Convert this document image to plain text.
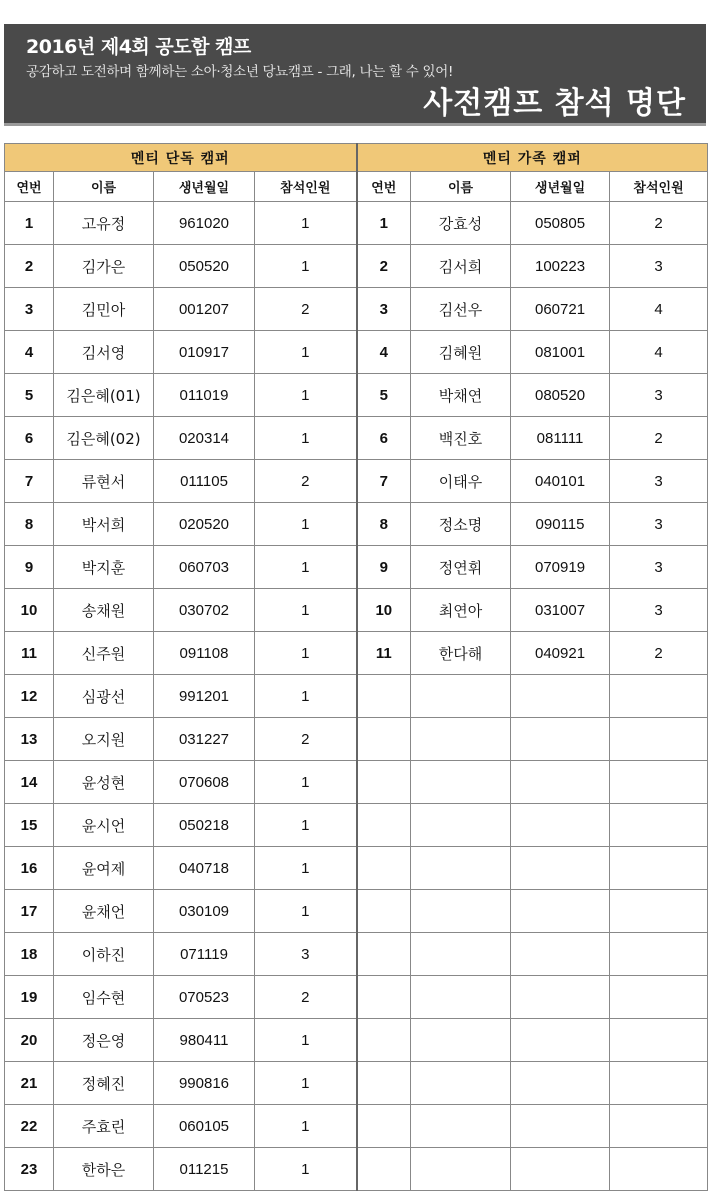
2016년 제4회 공도함 캠프
공감하고 도전하며 함께하는 소아·청소년 당뇨캠프 - 그래, 나는 할 수 있어!
사전캠프 참석 명단
멘티 단독 캠퍼				멘티 가족 캠퍼			
연번	이름	생년월일	참석인원	연번	이름	생년월일	참석인원
1	고유정	961020	1	1	강효성	050805	2
2	김가은	050520	1	2	김서희	100223	3
3	김민아	001207	2	3	김선우	060721	4
4	김서영	010917	1	4	김혜원	081001	4
5	김은혜(01)	011019	1	5	박채연	080520	3
6	김은혜(02)	020314	1	6	백진호	081111	2
7	류현서	011105	2	7	이태우	040101	3
8	박서희	020520	1	8	정소명	090115	3
9	박지훈	060703	1	9	정연휘	070919	3
10	송채원	030702	1	10	최연아	031007	3
11	신주원	091108	1	11	한다해	040921	2
12	심광선	991201	1				
13	오지원	031227	2				
14	윤성현	070608	1				
15	윤시언	050218	1				
16	윤여제	040718	1				
17	윤채언	030109	1				
18	이하진	071119	3				
19	임수현	070523	2				
20	정은영	980411	1				
21	정혜진	990816	1				
22	주효린	060105	1				
23	한하은	011215	1				
